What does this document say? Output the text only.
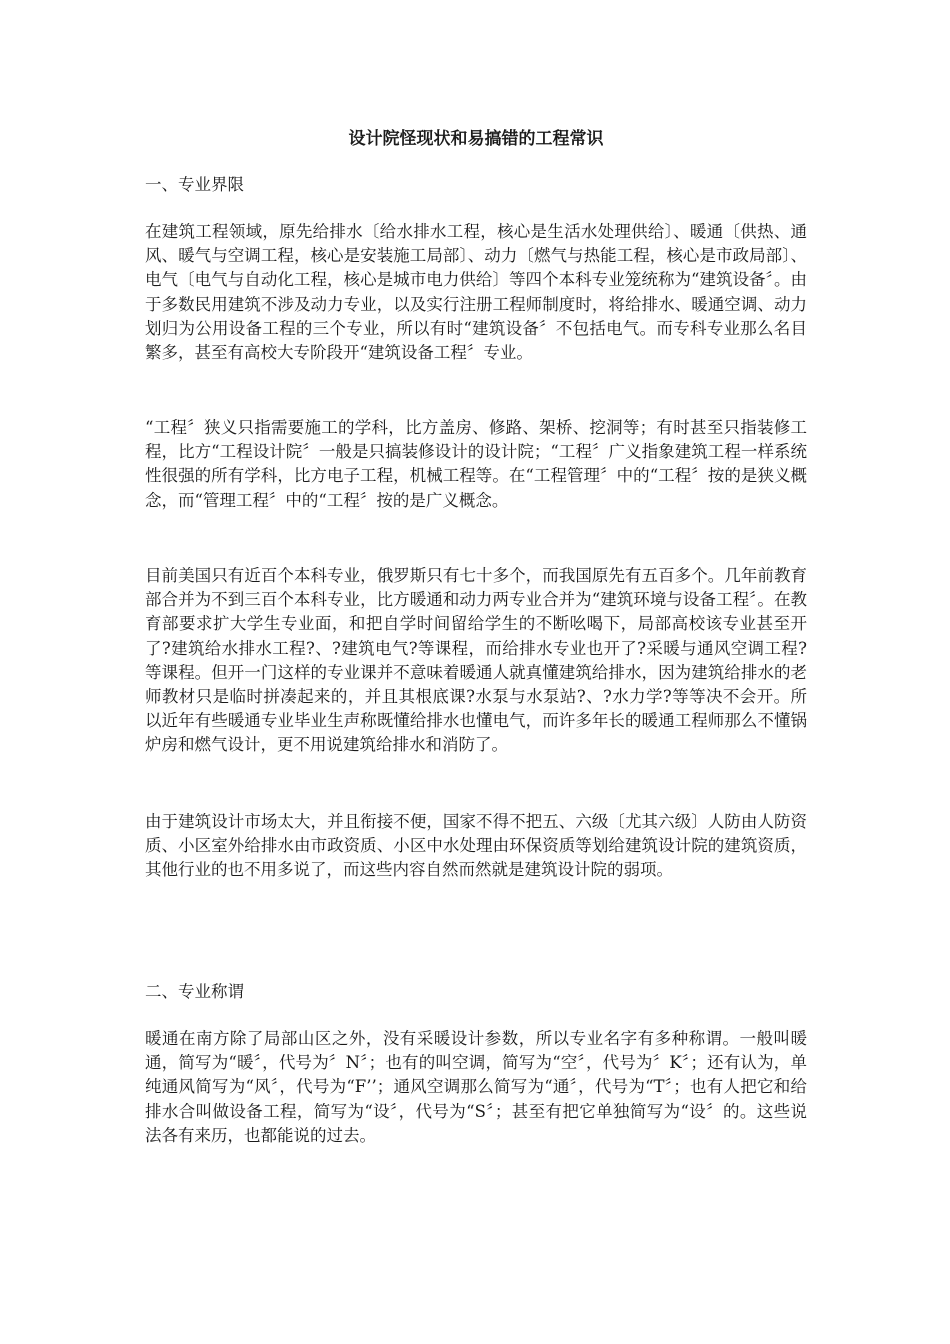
设计院怪现状和易搞错的工程常识
一、专业界限

在建筑工程领域，原先给排水〔给水排水工程，核心是生活水处理供给〕、暖通〔供热、通风、暖气与空调工程，核心是安装施工局部〕、动力〔燃气与热能工程，核心是市政局部〕、电气〔电气与自动化工程，核心是城市电力供给〕等四个本科专业笼统称为“建筑设备〞。由于多数民用建筑不涉及动力专业，以及实行注册工程师制度时，将给排水、暖通空调、动力划归为公用设备工程的三个专业，所以有时“建筑设备〞不包括电气。而专科专业那么名目繁多，甚至有高校大专阶段开“建筑设备工程〞专业。

“工程〞狭义只指需要施工的学科，比方盖房、修路、架桥、挖洞等；有时甚至只指装修工程，比方“工程设计院〞一般是只搞装修设计的设计院；“工程〞广义指象建筑工程一样系统性很强的所有学科，比方电子工程，机械工程等。在“工程管理〞中的“工程〞按的是狭义概念，而“管理工程〞中的“工程〞按的是广义概念。

目前美国只有近百个本科专业，俄罗斯只有七十多个，而我国原先有五百多个。几年前教育部合并为不到三百个本科专业，比方暖通和动力两专业合并为“建筑环境与设备工程〞。在教育部要求扩大学生专业面，和把自学时间留给学生的不断吆喝下，局部高校该专业甚至开了?建筑给水排水工程?、?建筑电气?等课程，而给排水专业也开了?采暖与通风空调工程?等课程。但开一门这样的专业课并不意味着暖通人就真懂建筑给排水，因为建筑给排水的老师教材只是临时拼凑起来的，并且其根底课?水泵与水泵站?、?水力学?等等决不会开。所以近年有些暖通专业毕业生声称既懂给排水也懂电气，而许多年长的暖通工程师那么不懂锅炉房和燃气设计，更不用说建筑给排水和消防了。

由于建筑设计市场太大，并且衔接不便，国家不得不把五、六级〔尤其六级〕人防由人防资质、小区室外给排水由市政资质、小区中水处理由环保资质等划给建筑设计院的建筑资质，其他行业的也不用多说了，而这些内容自然而然就是建筑设计院的弱项。

二、专业称谓

暖通在南方除了局部山区之外，没有采暖设计参数，所以专业名字有多种称谓。一般叫暖通，简写为“暖〞，代号为〞N〞；也有的叫空调，简写为“空〞，代号为〞K〞；还有认为，单纯通风简写为“风〞，代号为“F’’；通风空调那么简写为“通〞，代号为“T〞；也有人把它和给排水合叫做设备工程，简写为“设〞，代号为“S〞；甚至有把它单独简写为“设〞的。这些说法各有来历，也都能说的过去。
